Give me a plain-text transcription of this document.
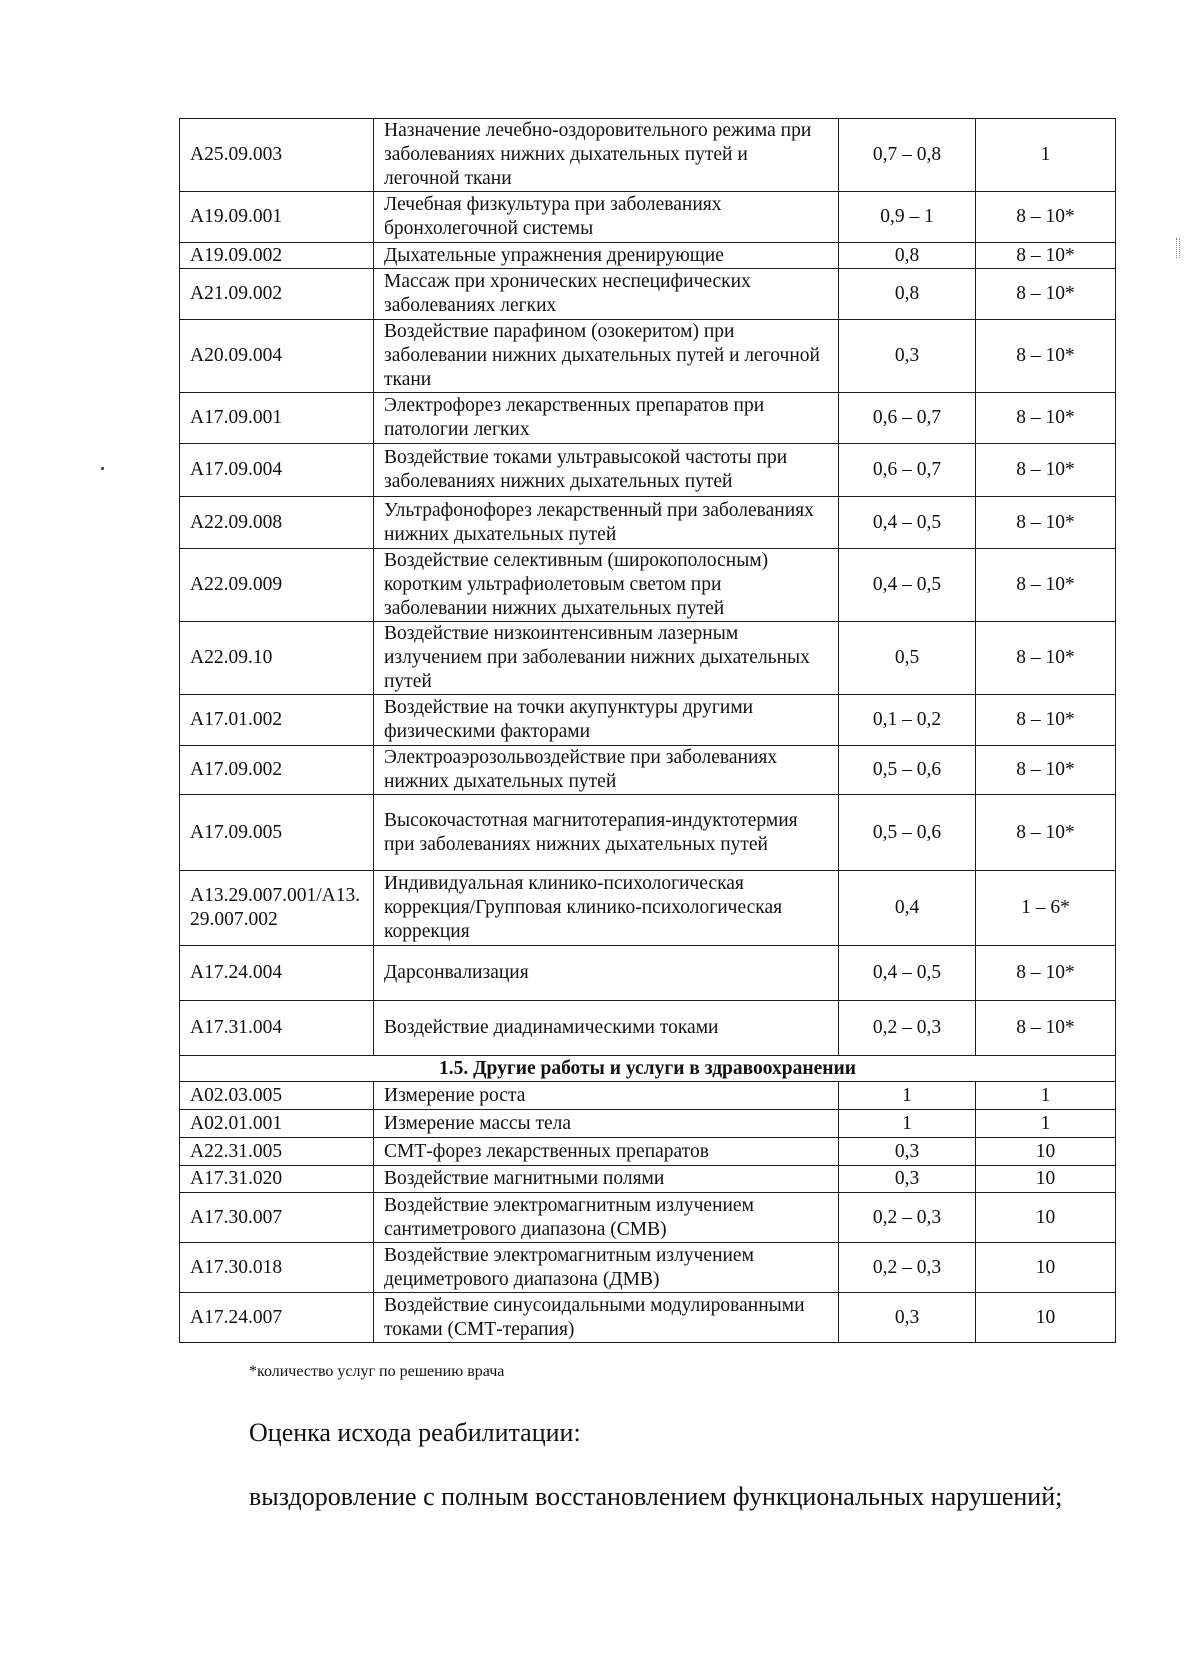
А25.09.003	Назначение лечебно-оздоровительного режима при заболеваниях нижних дыхательных путей и легочной ткани	0,7 – 0,8	1
А19.09.001	Лечебная физкультура при заболеваниях бронхолегочной системы	0,9 – 1	8 – 10*
А19.09.002	Дыхательные упражнения дренирующие	0,8	8 – 10*
А21.09.002	Массаж при хронических неспецифических заболеваниях легких	0,8	8 – 10*
А20.09.004	Воздействие парафином (озокеритом) при заболевании нижних дыхательных путей и легочной ткани	0,3	8 – 10*
А17.09.001	Электрофорез лекарственных препаратов при патологии легких	0,6 – 0,7	8 – 10*
А17.09.004	Воздействие токами ультравысокой частоты при заболеваниях нижних дыхательных путей	0,6 – 0,7	8 – 10*
А22.09.008	Ультрафонофорез лекарственный при заболеваниях нижних дыхательных путей	0,4 – 0,5	8 – 10*
А22.09.009	Воздействие селективным (широкополосным) коротким ультрафиолетовым светом при заболевании нижних дыхательных путей	0,4 – 0,5	8 – 10*
А22.09.10	Воздействие низкоинтенсивным лазерным излучением при заболевании нижних дыхательных путей	0,5	8 – 10*
А17.01.002	Воздействие на точки акупунктуры другими физическими факторами	0,1 – 0,2	8 – 10*
А17.09.002	Электроаэрозольвоздействие при заболеваниях нижних дыхательных путей	0,5 – 0,6	8 – 10*
А17.09.005	Высокочастотная магнитотерапия-индуктотермия при заболеваниях нижних дыхательных путей	0,5 – 0,6	8 – 10*
А13.29.007.001/А13.29.007.002	Индивидуальная клинико-психологическая коррекция/Групповая клинико-психологическая коррекция	0,4	1 – 6*
А17.24.004	Дарсонвализация	0,4 – 0,5	8 – 10*
А17.31.004	Воздействие диадинамическими токами	0,2 – 0,3	8 – 10*
1.5. Другие работы и услуги в здравоохранении			
А02.03.005	Измерение роста	1	1
А02.01.001	Измерение массы тела	1	1
А22.31.005	СМТ-форез лекарственных препаратов	0,3	10
А17.31.020	Воздействие магнитными полями	0,3	10
А17.30.007	Воздействие электромагнитным излучением сантиметрового диапазона (СМВ)	0,2 – 0,3	10
А17.30.018	Воздействие электромагнитным излучением дециметрового диапазона (ДМВ)	0,2 – 0,3	10
А17.24.007	Воздействие синусоидальными модулированными токами (СМТ-терапия)	0,3	10
*количество услуг по решению врача
Оценка исхода реабилитации:
выздоровление с полным восстановлением функциональных нарушений;
